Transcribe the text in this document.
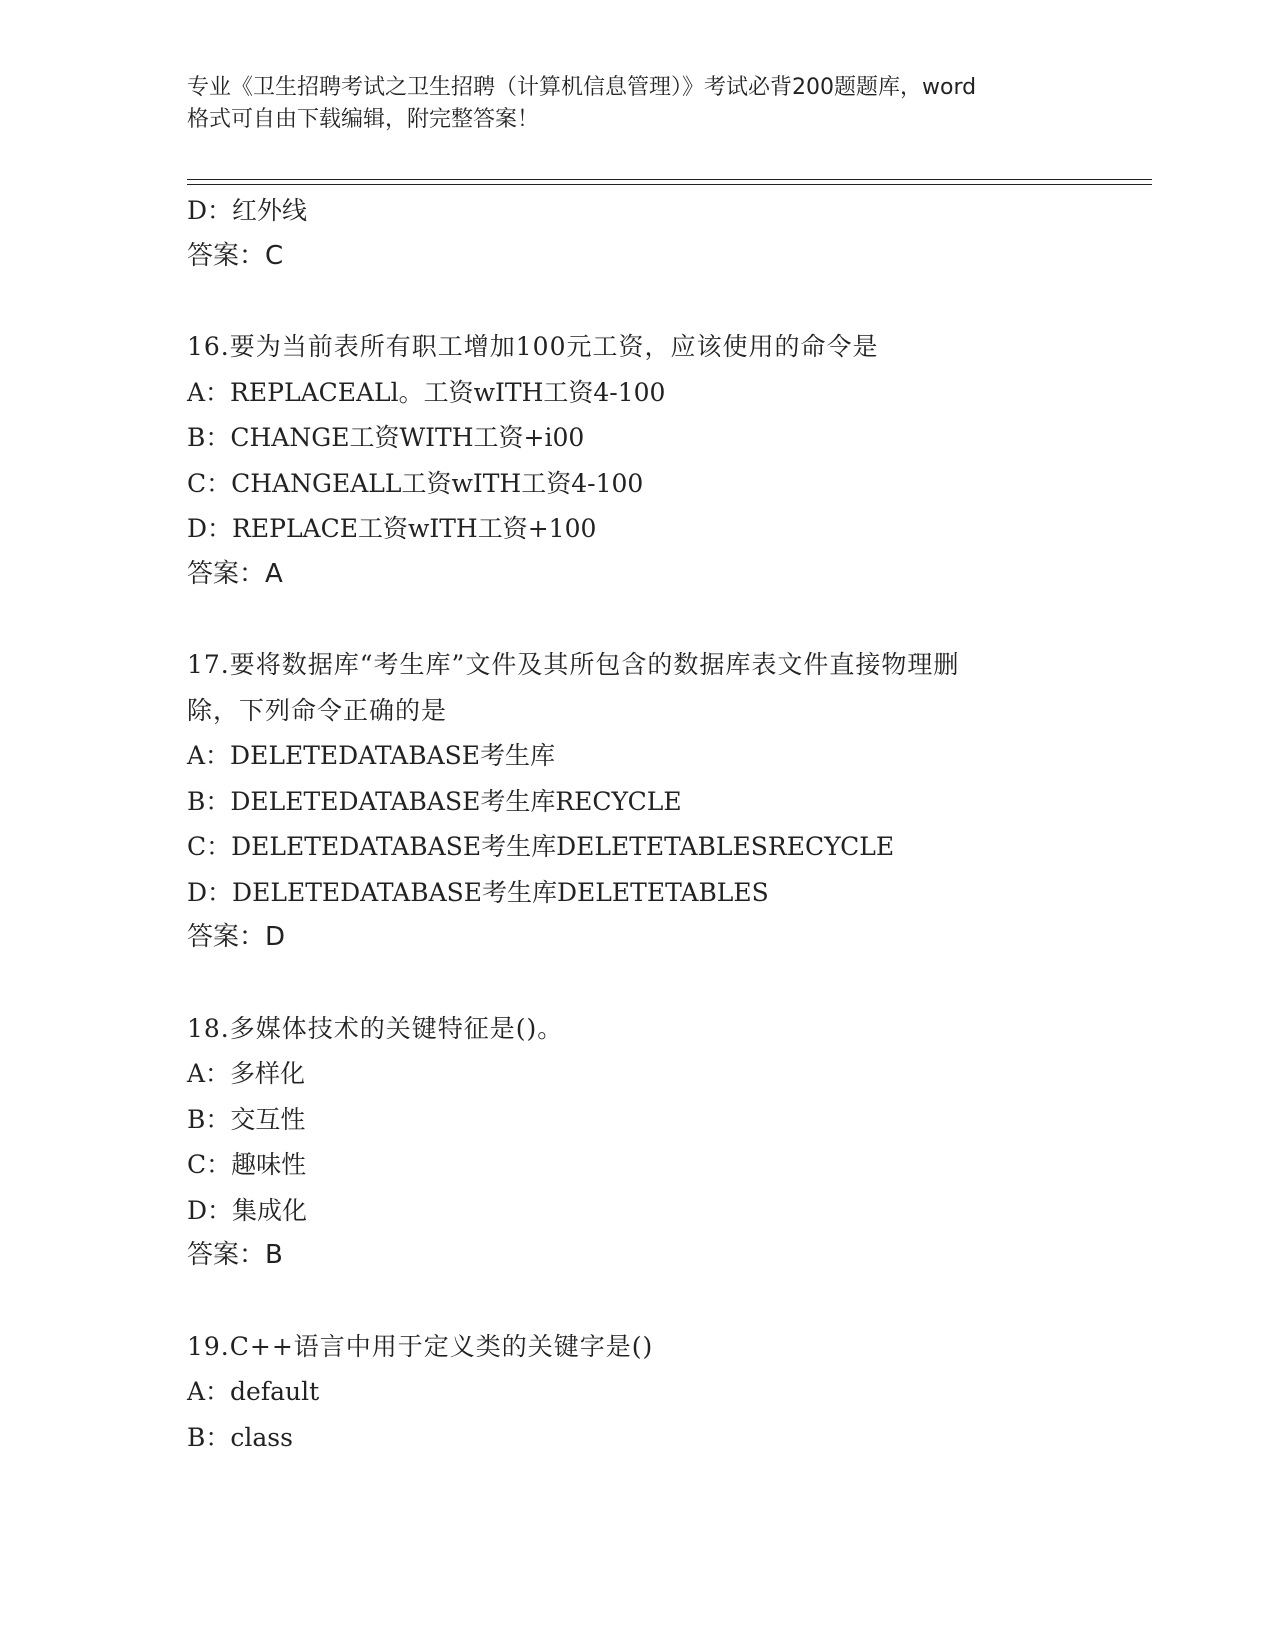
专业《卫生招聘考试之卫生招聘（计算机信息管理）》考试必背200题题库，word
格式可自由下载编辑，附完整答案！
D：红外线
答案：C
16.要为当前表所有职工增加100元工资，应该使用的命令是
A：REPLACEALl。工资wITH工资4-100
B：CHANGE工资WITH工资+i00
C：CHANGEALL工资wITH工资4-100
D：REPLACE工资wITH工资+100
答案：A
17.要将数据库“考生库”文件及其所包含的数据库表文件直接物理删
除，下列命令正确的是
A：DELETEDATABASE考生库
B：DELETEDATABASE考生库RECYCLE
C：DELETEDATABASE考生库DELETETABLESRECYCLE
D：DELETEDATABASE考生库DELETETABLES
答案：D
18.多媒体技术的关键特征是()。
A：多样化
B：交互性
C：趣味性
D：集成化
答案：B
19.C++语言中用于定义类的关键字是()
A：default
B：class
